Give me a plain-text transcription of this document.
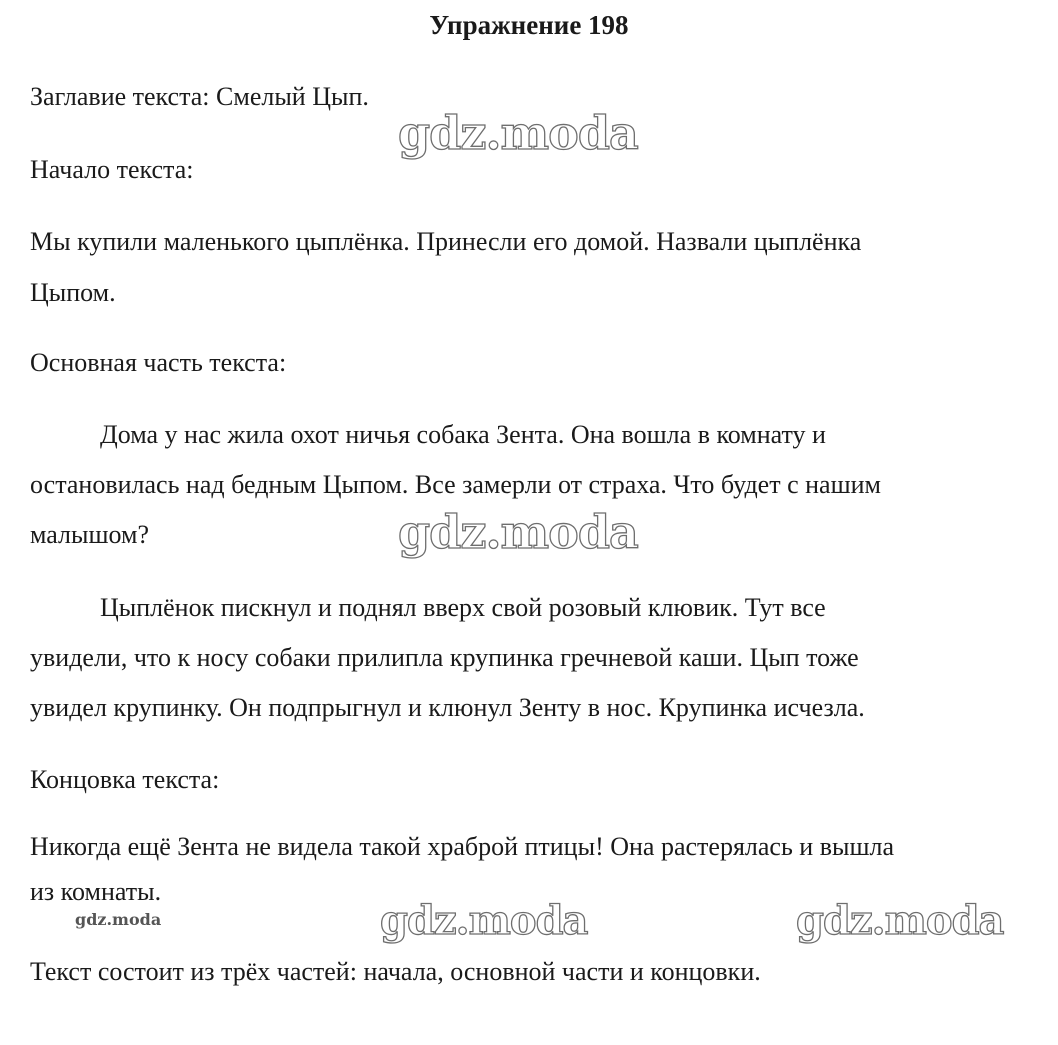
Упражнение 198
Заглавие текста: Смелый Цып.
Начало текста:
Мы купили маленького цыплёнка. Принесли его домой. Назвали цыплёнка
Цыпом.
Основная часть текста:
Дома у нас жила охот ничья собака Зента. Она вошла в комнату и
остановилась над бедным Цыпом. Все замерли от страха. Что будет с нашим
малышом?
Цыплёнок пискнул и поднял вверх свой розовый клювик. Тут все
увидели, что к носу собаки прилипла крупинка гречневой каши. Цып тоже
увидел крупинку. Он подпрыгнул и клюнул Зенту в нос. Крупинка исчезла.
Концовка текста:
Никогда ещё Зента не видела такой храброй птицы! Она растерялась и вышла
из комнаты.
Текст состоит из трёх частей: начала, основной части и концовки.
gdz.moda
gdz.moda
gdz.moda	gdz.moda
gdz.moda
